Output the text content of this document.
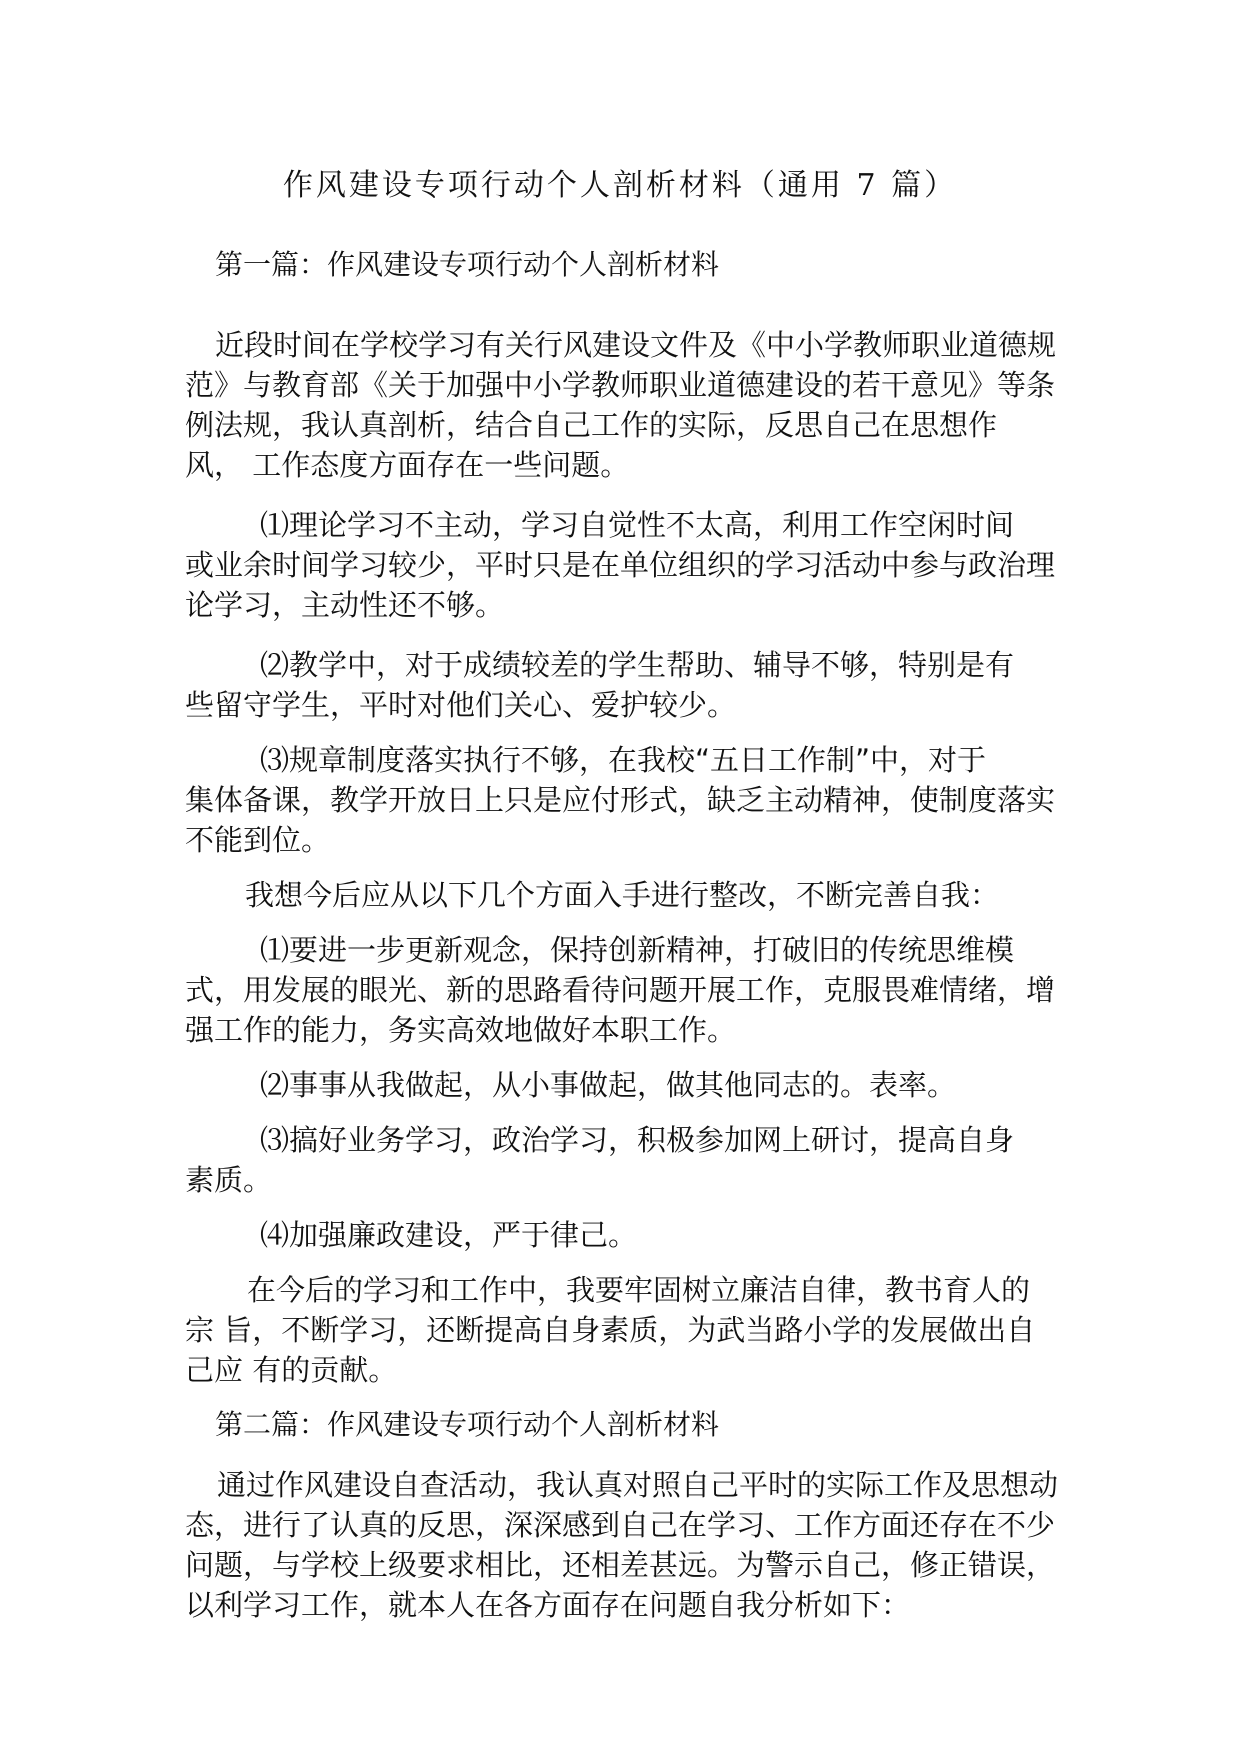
作风建设专项行动个人剖析材料（通用 7 篇）
第一篇：作风建设专项行动个人剖析材料
近段时间在学校学习有关行风建设文件及《中小学教师职业道德规
范》与教育部《关于加强中小学教师职业道德建设的若干意见》等条
例法规，我认真剖析，结合自己工作的实际，反思自己在思想作
风， 工作态度方面存在一些问题。
⑴理论学习不主动，学习自觉性不太高，利用工作空闲时间
或业余时间学习较少，平时只是在单位组织的学习活动中参与政治理
论学习，主动性还不够。
⑵教学中，对于成绩较差的学生帮助、辅导不够，特别是有
些留守学生，平时对他们关心、爱护较少。
⑶规章制度落实执行不够，在我校“五日工作制”中，对于
集体备课，教学开放日上只是应付形式，缺乏主动精神，使制度落实
不能到位。
我想今后应从以下几个方面入手进行整改，不断完善自我：
⑴要进一步更新观念，保持创新精神，打破旧的传统思维模
式，用发展的眼光、新的思路看待问题开展工作，克服畏难情绪，增
强工作的能力，务实高效地做好本职工作。
⑵事事从我做起，从小事做起，做其他同志的。表率。
⑶搞好业务学习，政治学习，积极参加网上研讨，提高自身
素质。
⑷加强廉政建设，严于律己。
在今后的学习和工作中，我要牢固树立廉洁自律，教书育人的
宗 旨，不断学习，还断提高自身素质，为武当路小学的发展做出自
己应 有的贡献。
第二篇：作风建设专项行动个人剖析材料
通过作风建设自查活动，我认真对照自己平时的实际工作及思想动
态，进行了认真的反思，深深感到自己在学习、工作方面还存在不少
问题，与学校上级要求相比，还相差甚远。为警示自己，修正错误，
以利学习工作，就本人在各方面存在问题自我分析如下：
